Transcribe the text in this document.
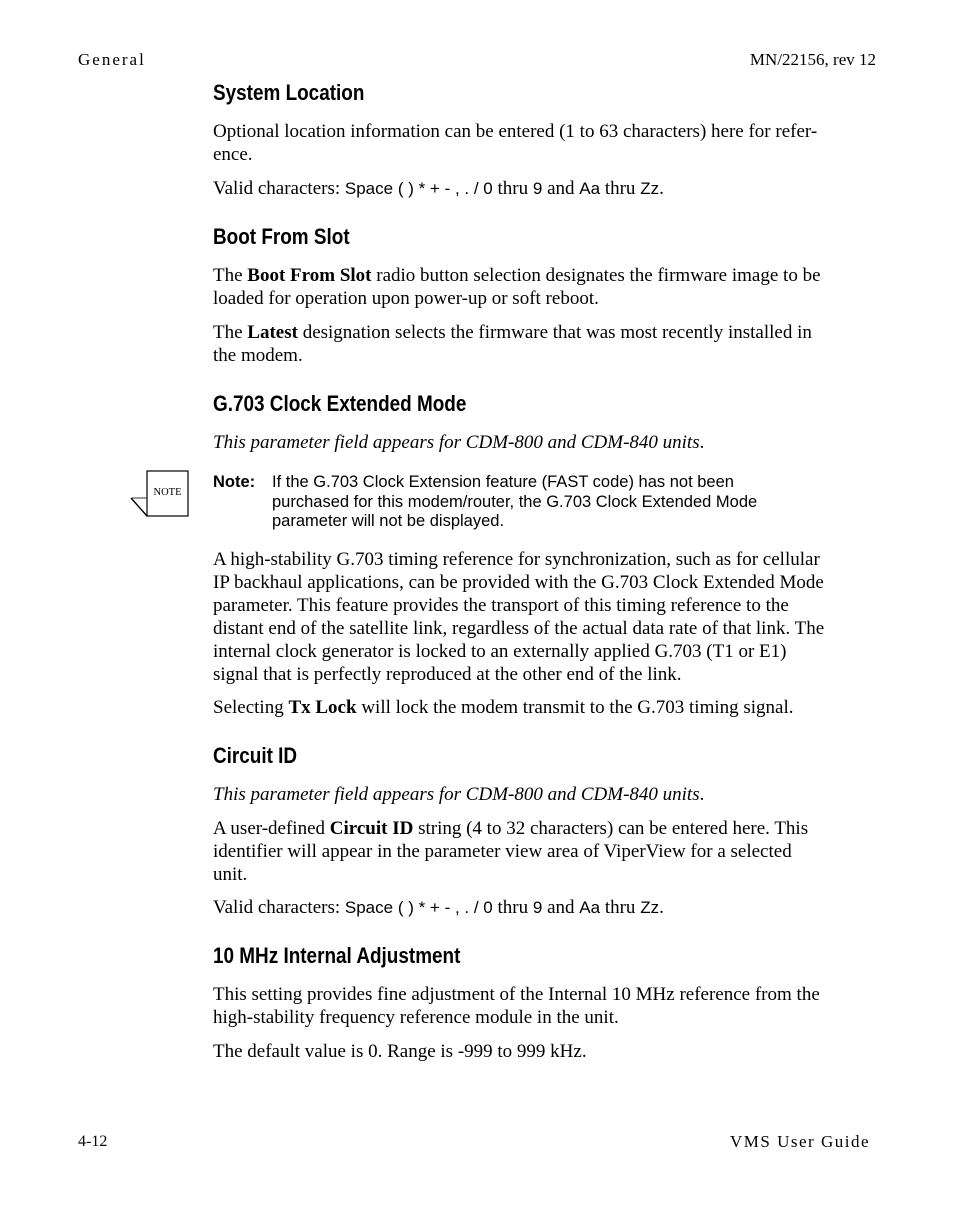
General	MN/22156, rev 12
System Location

Optional location information can be entered (1 to 63 characters) here for refer-
ence.

Valid characters: Space ( ) * + - , . / 0 thru 9 and Aa thru Zz.

Boot From Slot

The Boot From Slot radio button selection designates the firmware image to be
loaded for operation upon power-up or soft reboot.

The Latest designation selects the firmware that was most recently installed in
the modem.

G.703 Clock Extended Mode

This parameter field appears for CDM-800 and CDM-840 units.

NOTE
Note: If the G.703 Clock Extension feature (FAST code) has not been
purchased for this modem/router, the G.703 Clock Extended Mode
parameter will not be displayed.

A high-stability G.703 timing reference for synchronization, such as for cellular
IP backhaul applications, can be provided with the G.703 Clock Extended Mode
parameter. This feature provides the transport of this timing reference to the
distant end of the satellite link, regardless of the actual data rate of that link. The
internal clock generator is locked to an externally applied G.703 (T1 or E1)
signal that is perfectly reproduced at the other end of the link.

Selecting Tx Lock will lock the modem transmit to the G.703 timing signal.

Circuit ID

This parameter field appears for CDM-800 and CDM-840 units.

A user-defined Circuit ID string (4 to 32 characters) can be entered here. This
identifier will appear in the parameter view area of ViperView for a selected
unit.

Valid characters: Space ( ) * + - , . / 0 thru 9 and Aa thru Zz.

10 MHz Internal Adjustment

This setting provides fine adjustment of the Internal 10 MHz reference from the
high-stability frequency reference module in the unit.

The default value is 0. Range is -999 to 999 kHz.

4-12	VMS User Guide
